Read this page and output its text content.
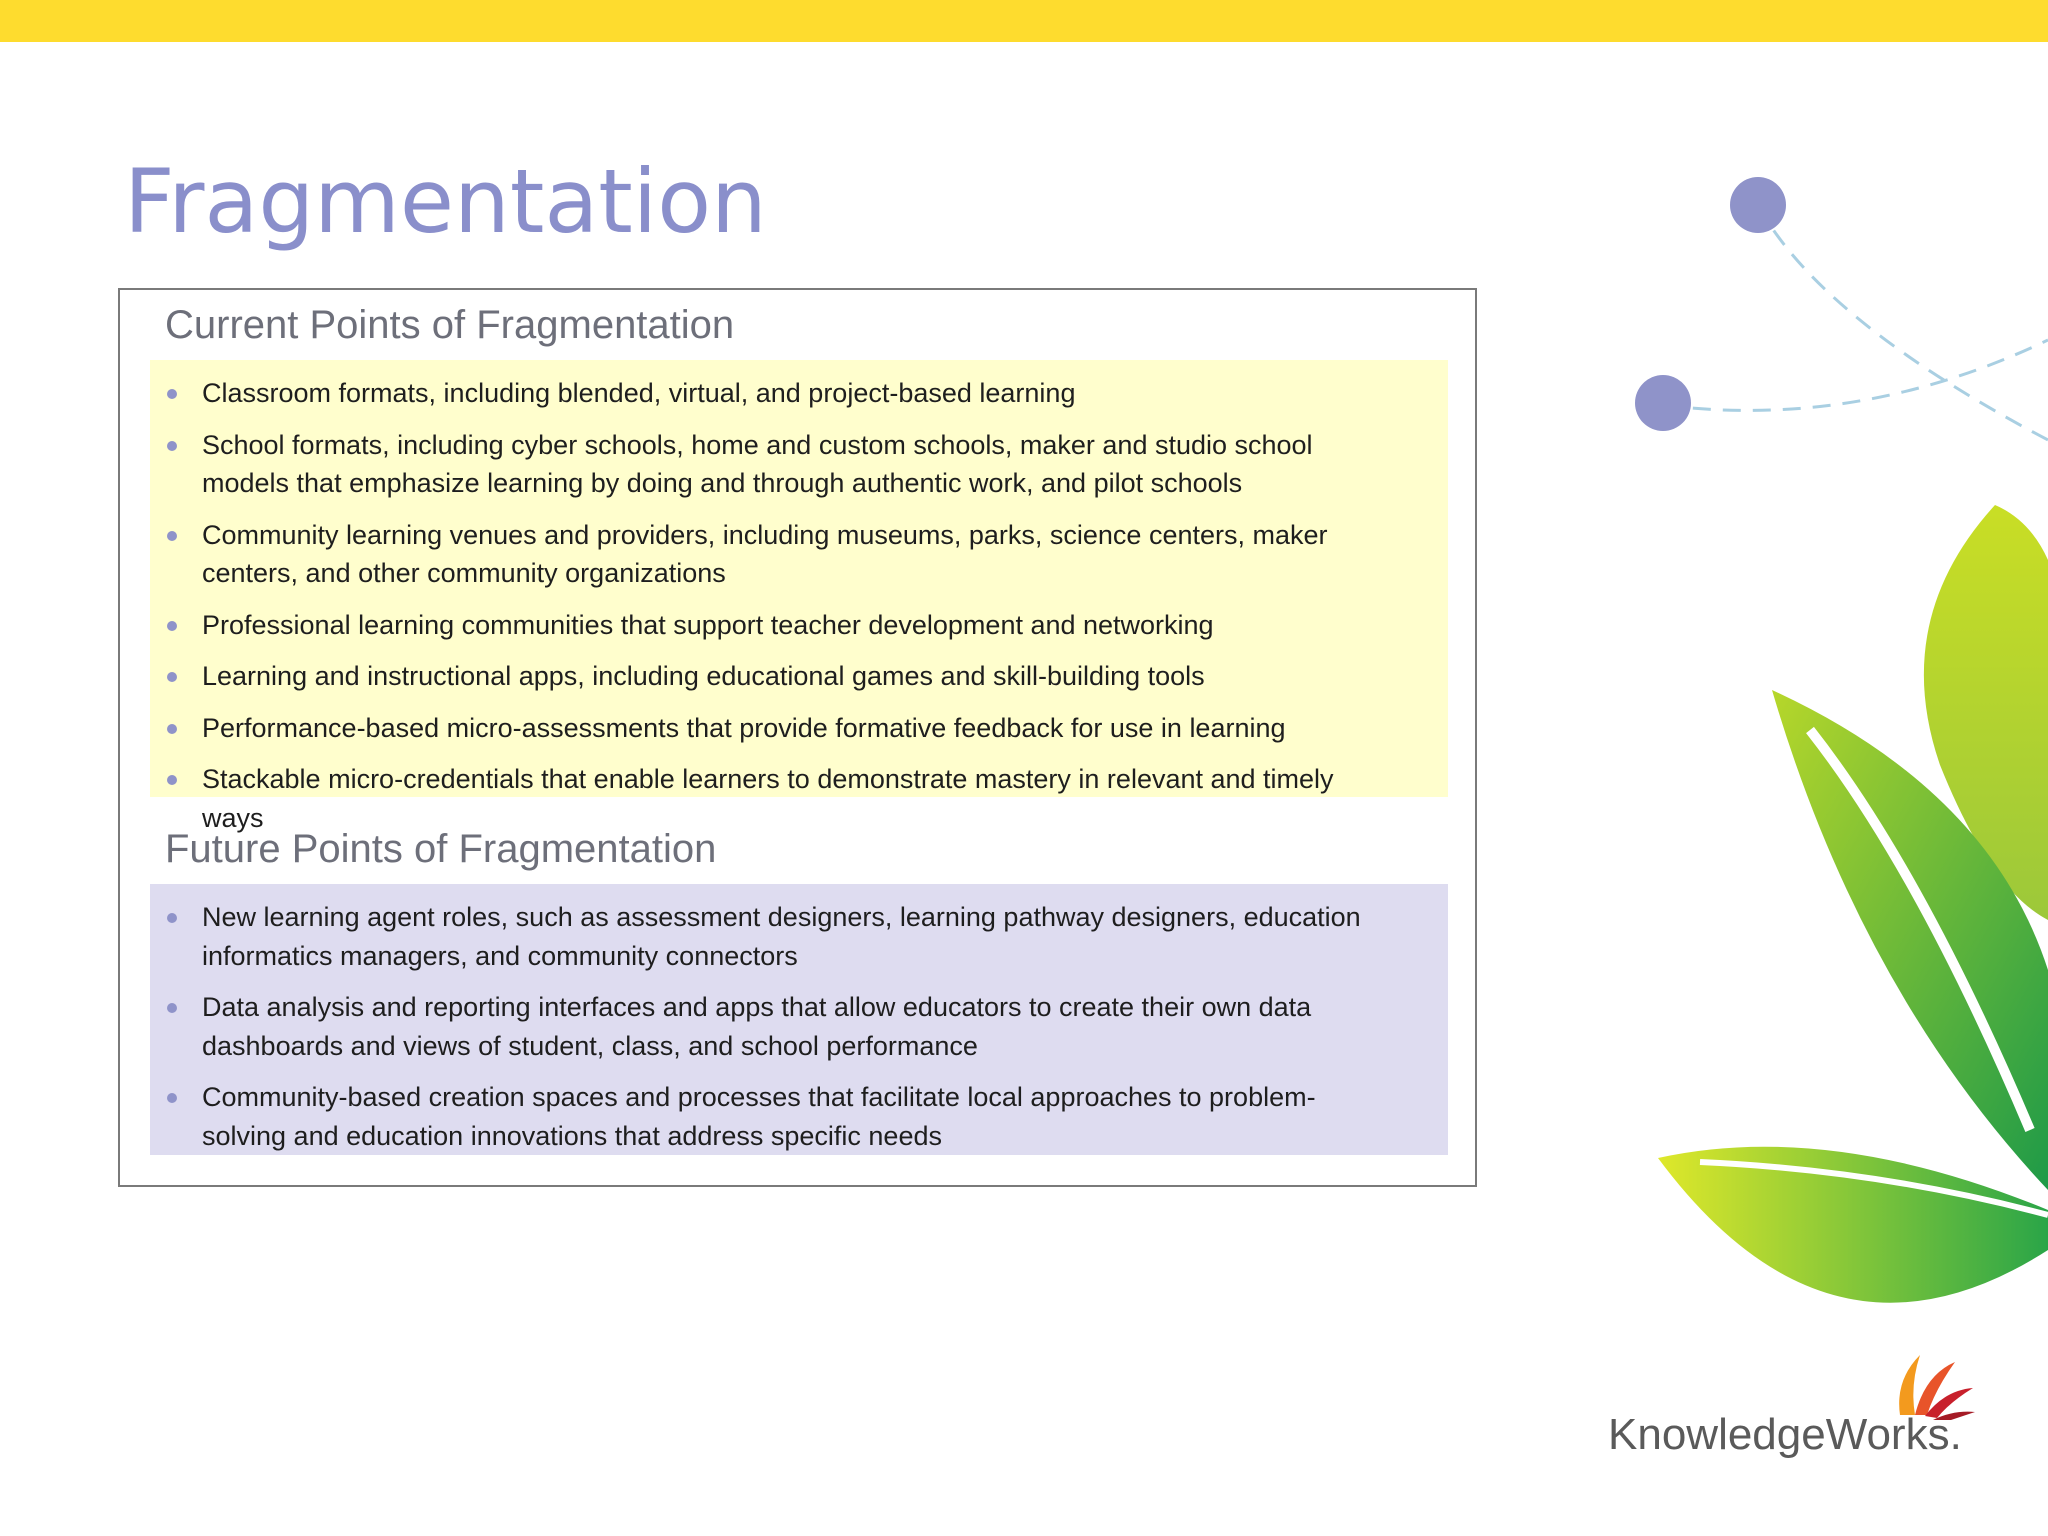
Fragmentation
Current Points of Fragmentation
Classroom formats, including blended, virtual, and project-based learning
School formats, including cyber schools, home and custom schools, maker and studio school models that emphasize learning by doing and through authentic work, and pilot schools
Community learning venues and providers, including museums, parks, science centers, maker centers, and other community organizations
Professional learning communities that support teacher development and networking
Learning and instructional apps, including educational games and skill-building tools
Performance-based micro-assessments that provide formative feedback for use in learning
Stackable micro-credentials that enable learners to demonstrate mastery in relevant and timely ways
Future Points of Fragmentation
New learning agent roles, such as assessment designers, learning pathway designers, education informatics managers, and community connectors
Data analysis and reporting interfaces and apps that allow educators to create their own data dashboards and views of student, class, and school performance
Community-based creation spaces and processes that facilitate local approaches to problem-solving and education innovations that address specific needs
KnowledgeWorks.
